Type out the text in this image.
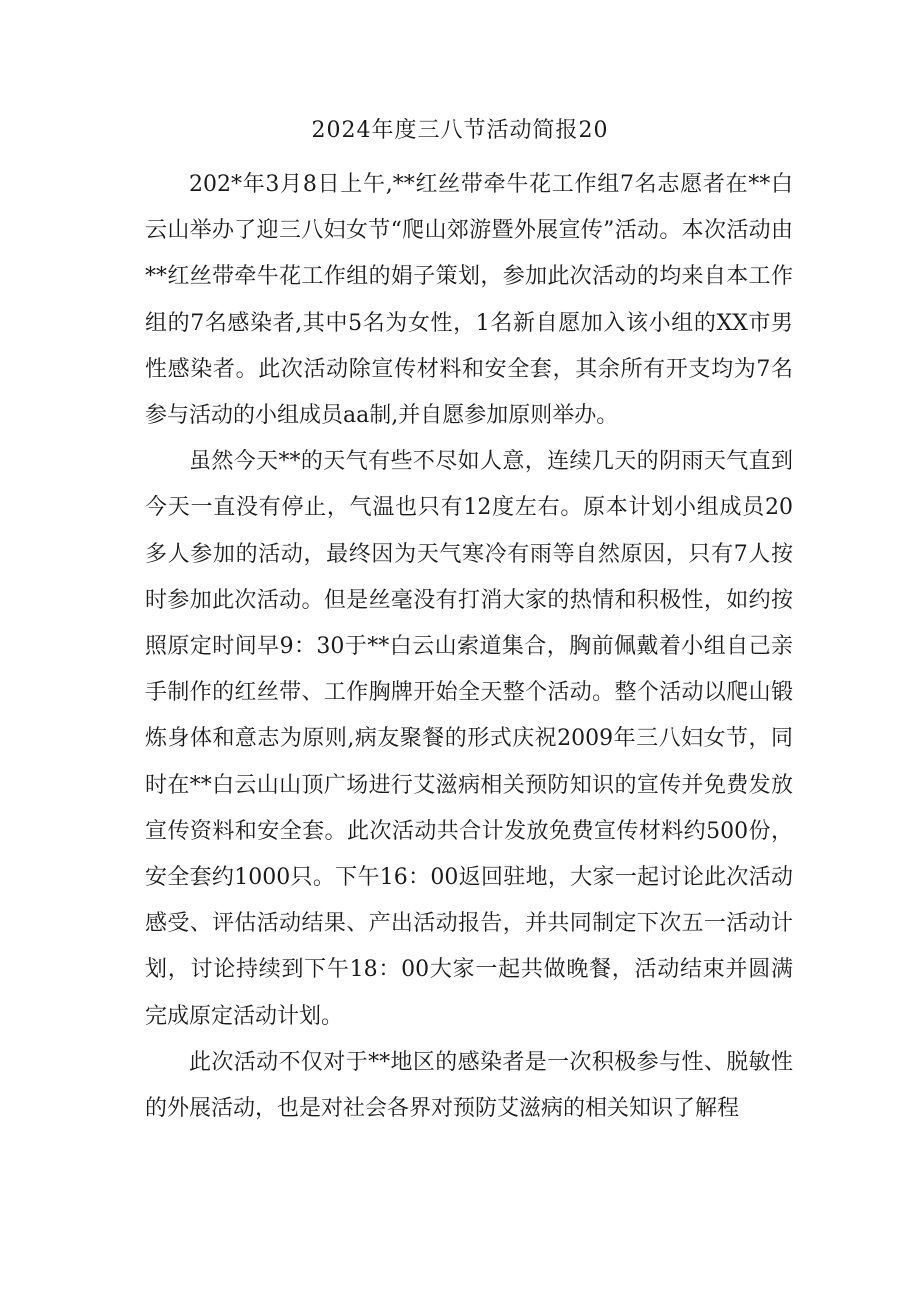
2024年度三八节活动简报20

202*年3月8日上午,**红丝带牵牛花工作组7名志愿者在**白云山举办了迎三八妇女节“爬山郊游暨外展宣传”活动。本次活动由**红丝带牵牛花工作组的娟子策划，参加此次活动的均来自本工作组的7名感染者,其中5名为女性，1名新自愿加入该小组的XX市男性感染者。此次活动除宣传材料和安全套，其余所有开支均为7名参与活动的小组成员aa制,并自愿参加原则举办。

虽然今天**的天气有些不尽如人意，连续几天的阴雨天气直到今天一直没有停止，气温也只有12度左右。原本计划小组成员20多人参加的活动，最终因为天气寒冷有雨等自然原因，只有7人按时参加此次活动。但是丝毫没有打消大家的热情和积极性，如约按照原定时间早9：30于**白云山索道集合，胸前佩戴着小组自己亲手制作的红丝带、工作胸牌开始全天整个活动。整个活动以爬山锻炼身体和意志为原则,病友聚餐的形式庆祝2009年三八妇女节，同时在**白云山山顶广场进行艾滋病相关预防知识的宣传并免费发放宣传资料和安全套。此次活动共合计发放免费宣传材料约500份，安全套约1000只。下午16：00返回驻地，大家一起讨论此次活动感受、评估活动结果、产出活动报告，并共同制定下次五一活动计划，讨论持续到下午18：00大家一起共做晚餐，活动结束并圆满完成原定活动计划。

此次活动不仅对于**地区的感染者是一次积极参与性、脱敏性的外展活动，也是对社会各界对预防艾滋病的相关知识了解程
